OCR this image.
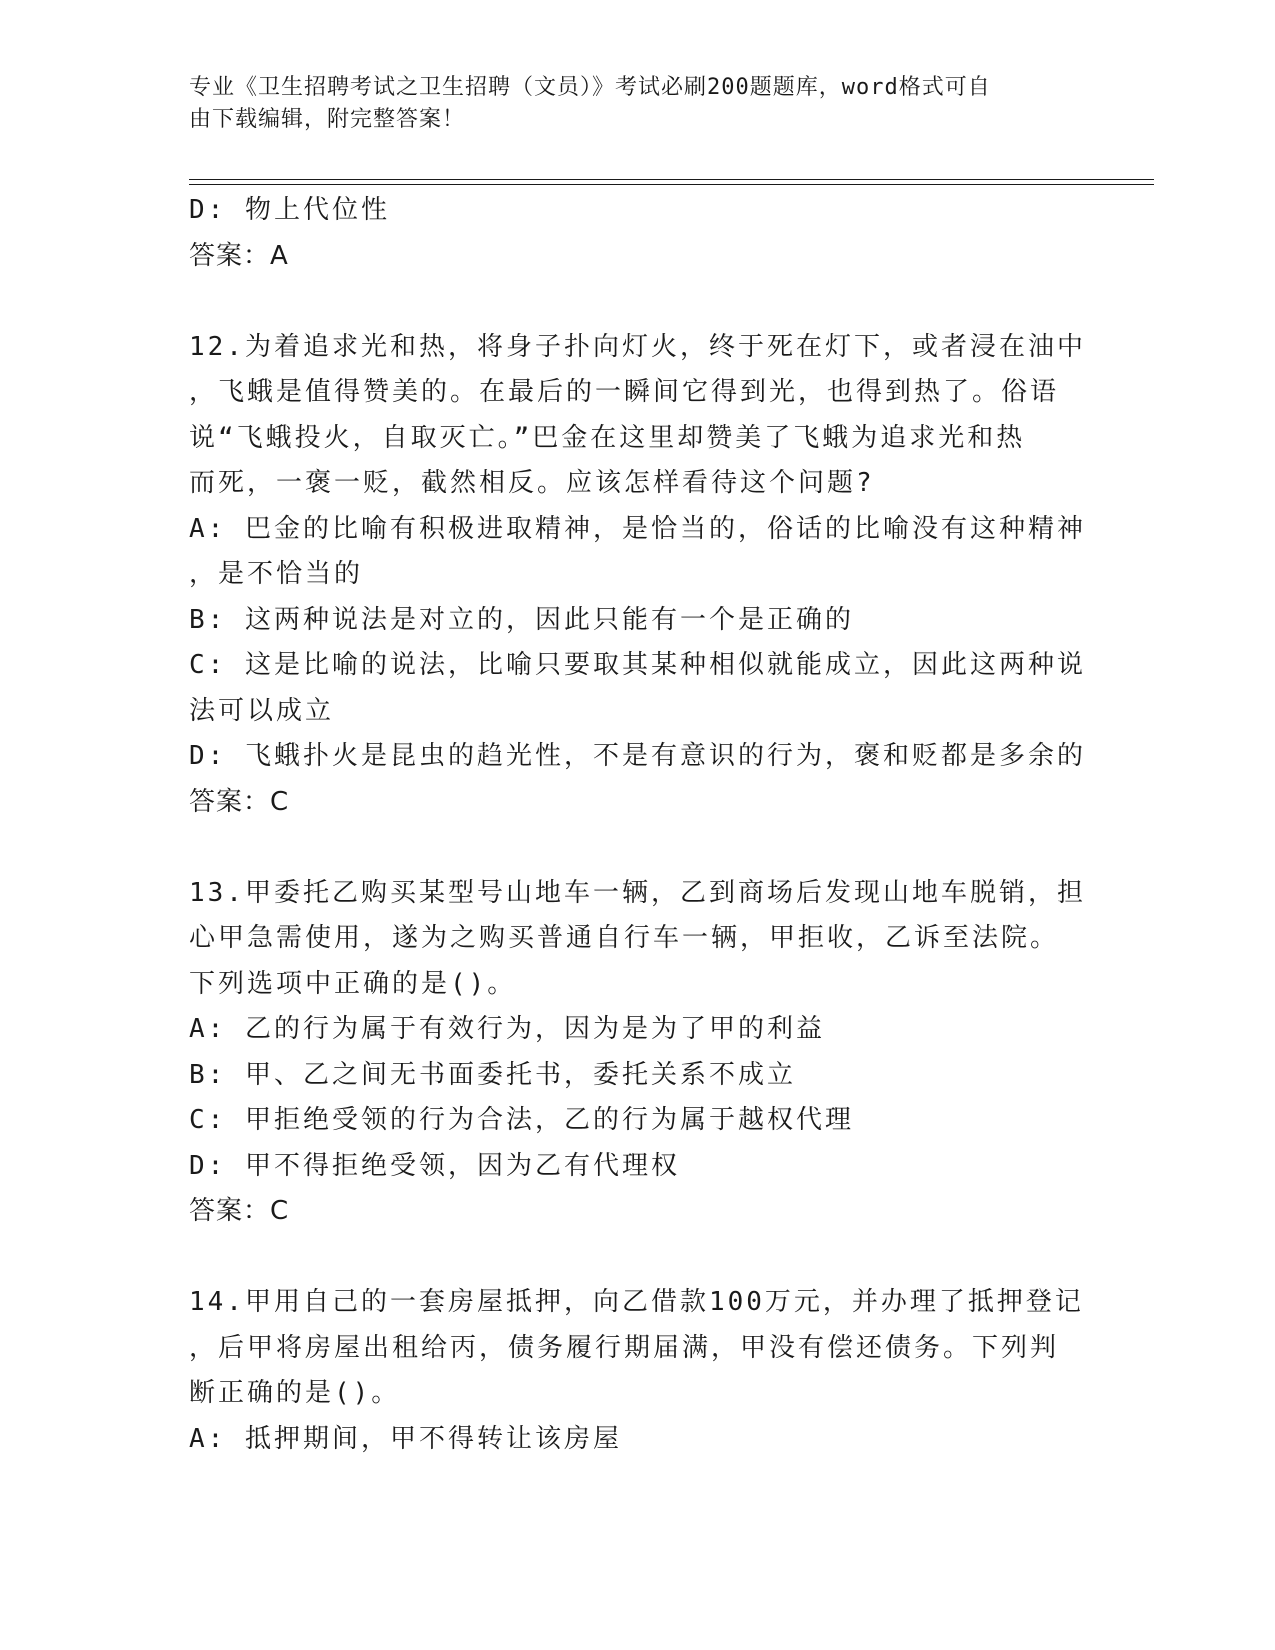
专业《卫生招聘考试之卫生招聘（文员）》考试必刷200题题库，word格式可自
由下载编辑，附完整答案！
D: 物上代位性
答案：A
12.为着追求光和热，将身子扑向灯火，终于死在灯下，或者浸在油中
，飞蛾是值得赞美的。在最后的一瞬间它得到光，也得到热了。俗语
说“飞蛾投火，自取灭亡。”巴金在这里却赞美了飞蛾为追求光和热
而死，一褒一贬，截然相反。应该怎样看待这个问题?
A: 巴金的比喻有积极进取精神，是恰当的，俗话的比喻没有这种精神
，是不恰当的
B: 这两种说法是对立的，因此只能有一个是正确的
C: 这是比喻的说法，比喻只要取其某种相似就能成立，因此这两种说
法可以成立
D: 飞蛾扑火是昆虫的趋光性，不是有意识的行为，褒和贬都是多余的
答案：C
13.甲委托乙购买某型号山地车一辆，乙到商场后发现山地车脱销，担
心甲急需使用，遂为之购买普通自行车一辆，甲拒收，乙诉至法院。
下列选项中正确的是()。
A: 乙的行为属于有效行为，因为是为了甲的利益
B: 甲、乙之间无书面委托书，委托关系不成立
C: 甲拒绝受领的行为合法，乙的行为属于越权代理
D: 甲不得拒绝受领，因为乙有代理权
答案：C
14.甲用自己的一套房屋抵押，向乙借款100万元，并办理了抵押登记
，后甲将房屋出租给丙，债务履行期届满，甲没有偿还债务。下列判
断正确的是()。
A: 抵押期间，甲不得转让该房屋
